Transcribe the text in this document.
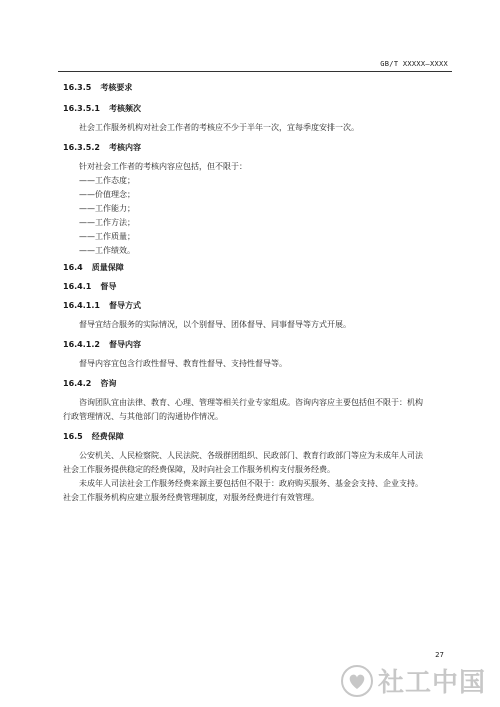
GB/T XXXXX—XXXX
16.3.5 考核要求
16.3.5.1 考核频次
社会工作服务机构对社会工作者的考核应不少于半年一次，宜每季度安排一次。
16.3.5.2 考核内容
针对社会工作者的考核内容应包括，但不限于：
——工作态度；
——价值理念；
——工作能力；
——工作方法；
——工作质量；
——工作绩效。
16.4 质量保障
16.4.1 督导
16.4.1.1 督导方式
督导宜结合服务的实际情况，以个别督导、团体督导、同事督导等方式开展。
16.4.1.2 督导内容
督导内容宜包含行政性督导、教育性督导、支持性督导等。
16.4.2 咨询
咨询团队宜由法律、教育、心理、管理等相关行业专家组成。咨询内容应主要包括但不限于：机构
行政管理情况、与其他部门的沟通协作情况。
16.5 经费保障
公安机关、人民检察院、人民法院、各级群团组织、民政部门、教育行政部门等应为未成年人司法
社会工作服务提供稳定的经费保障，及时向社会工作服务机构支付服务经费。
未成年人司法社会工作服务经费来源主要包括但不限于：政府购买服务、基金会支持、企业支持。
社会工作服务机构应建立服务经费管理制度，对服务经费进行有效管理。
27
社工中国
